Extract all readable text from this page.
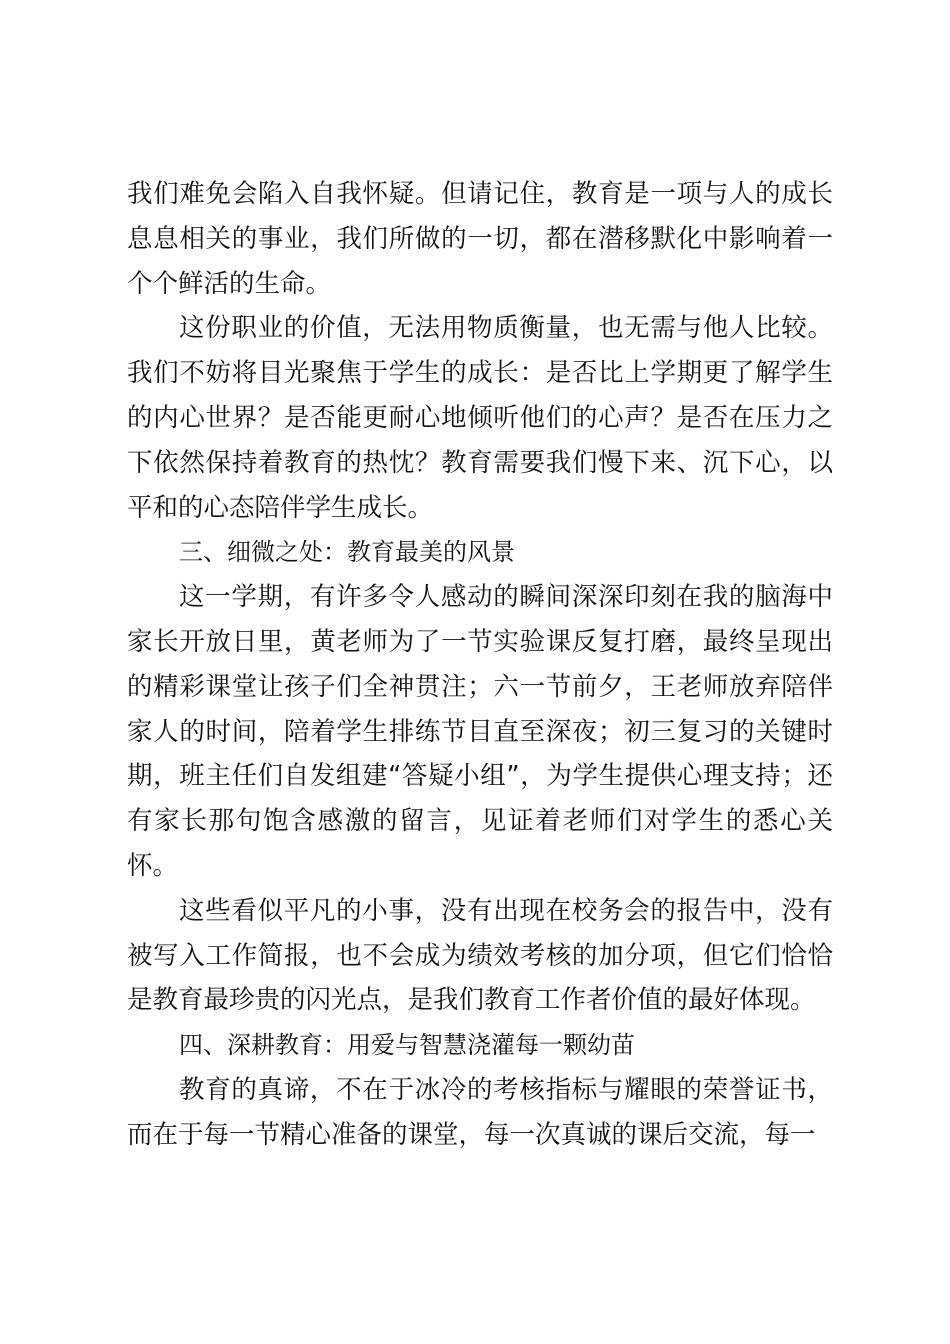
我们难免会陷入自我怀疑。但请记住，教育是一项与人的成长息息相关的事业，我们所做的一切，都在潜移默化中影响着一个个鲜活的生命。

这份职业的价值，无法用物质衡量，也无需与他人比较。我们不妨将目光聚焦于学生的成长：是否比上学期更了解学生的内心世界？是否能更耐心地倾听他们的心声？是否在压力之下依然保持着教育的热忱？教育需要我们慢下来、沉下心，以平和的心态陪伴学生成长。

三、细微之处：教育最美的风景

这一学期，有许多令人感动的瞬间深深印刻在我的脑海中家长开放日里，黄老师为了一节实验课反复打磨，最终呈现出的精彩课堂让孩子们全神贯注；六一节前夕，王老师放弃陪伴家人的时间，陪着学生排练节目直至深夜；初三复习的关键时期，班主任们自发组建“答疑小组”，为学生提供心理支持；还有家长那句饱含感激的留言，见证着老师们对学生的悉心关怀。

这些看似平凡的小事，没有出现在校务会的报告中，没有被写入工作简报，也不会成为绩效考核的加分项，但它们恰恰是教育最珍贵的闪光点，是我们教育工作者价值的最好体现。

四、深耕教育：用爱与智慧浇灌每一颗幼苗

教育的真谛，不在于冰冷的考核指标与耀眼的荣誉证书，而在于每一节精心准备的课堂，每一次真诚的课后交流，每一
